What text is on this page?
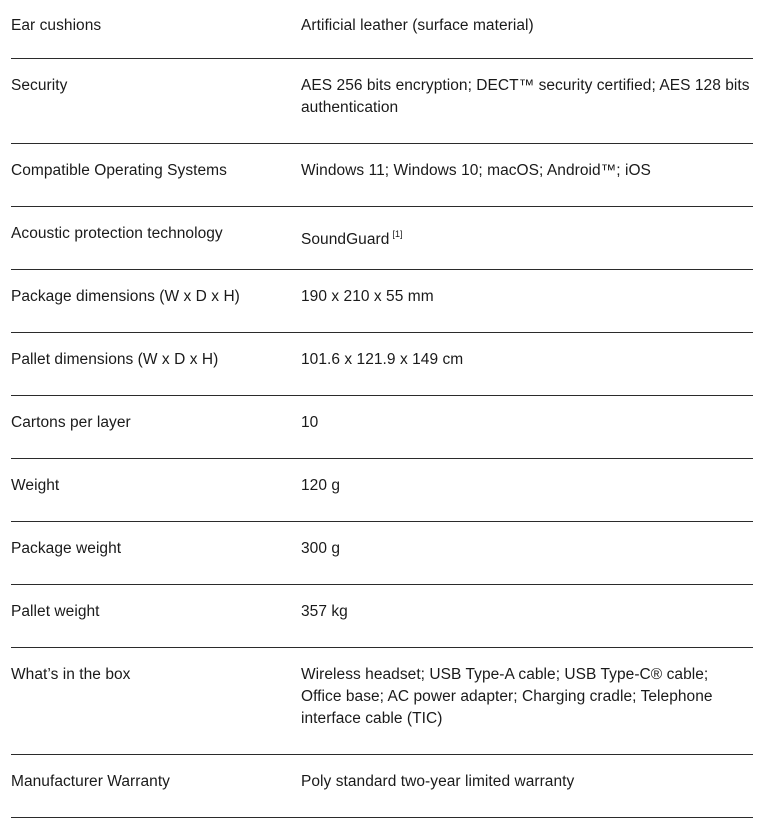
Ear cushions	Artificial leather (surface material)
Security	AES 256 bits encryption; DECT™ security certified; AES 128 bits authentication
Compatible Operating Systems	Windows 11; Windows 10; macOS; Android™; iOS
Acoustic protection technology	SoundGuard [1]
Package dimensions (W x D x H)	190 x 210 x 55 mm
Pallet dimensions (W x D x H)	101.6 x 121.9 x 149 cm
Cartons per layer	10
Weight	120 g
Package weight	300 g
Pallet weight	357 kg
What’s in the box	Wireless headset; USB Type-A cable; USB Type-C® cable; Office base; AC power adapter; Charging cradle; Telephone interface cable (TIC)
Manufacturer Warranty	Poly standard two-year limited warranty
